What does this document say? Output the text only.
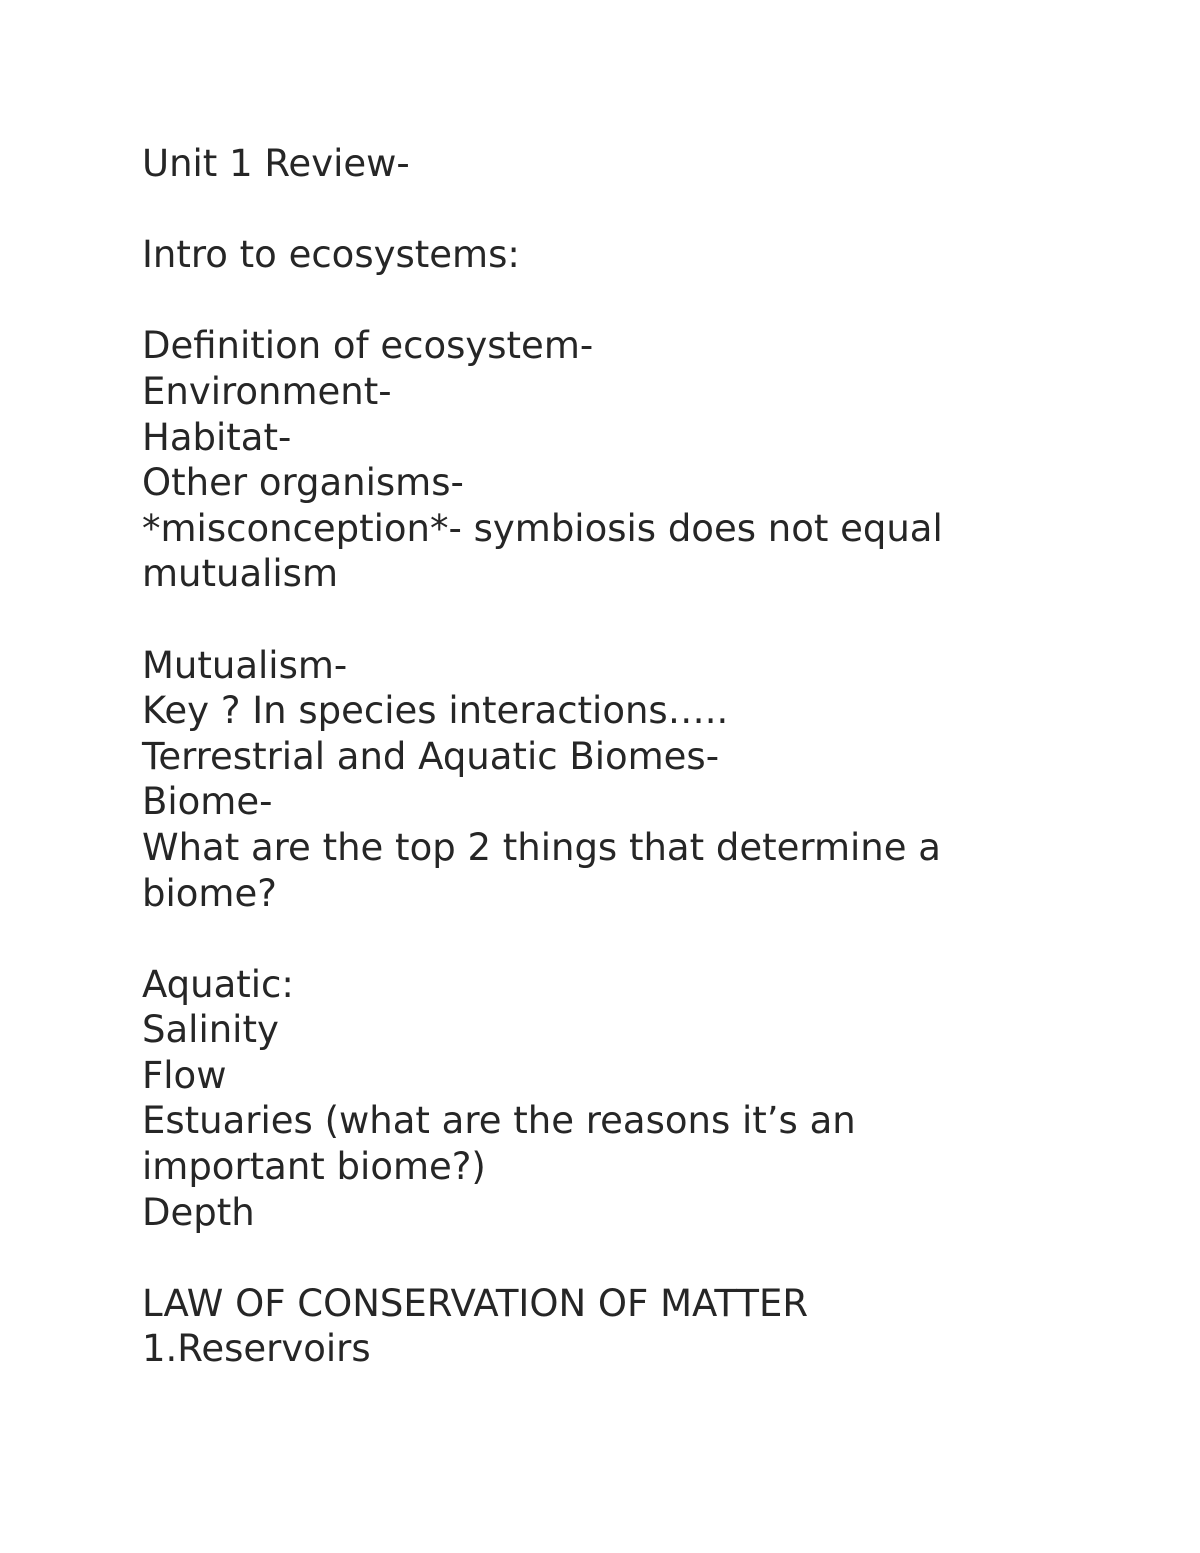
Unit 1 Review-
Intro to ecosystems:
Definition of ecosystem-
Environment-
Habitat-
Other organisms-
*misconception*- symbiosis does not equal
mutualism
Mutualism-
Key ? In species interactions…..
Terrestrial and Aquatic Biomes-
Biome-
What are the top 2 things that determine a
biome?
Aquatic:
Salinity
Flow
Estuaries (what are the reasons it’s an
important biome?)
Depth
LAW OF CONSERVATION OF MATTER
1.Reservoirs
